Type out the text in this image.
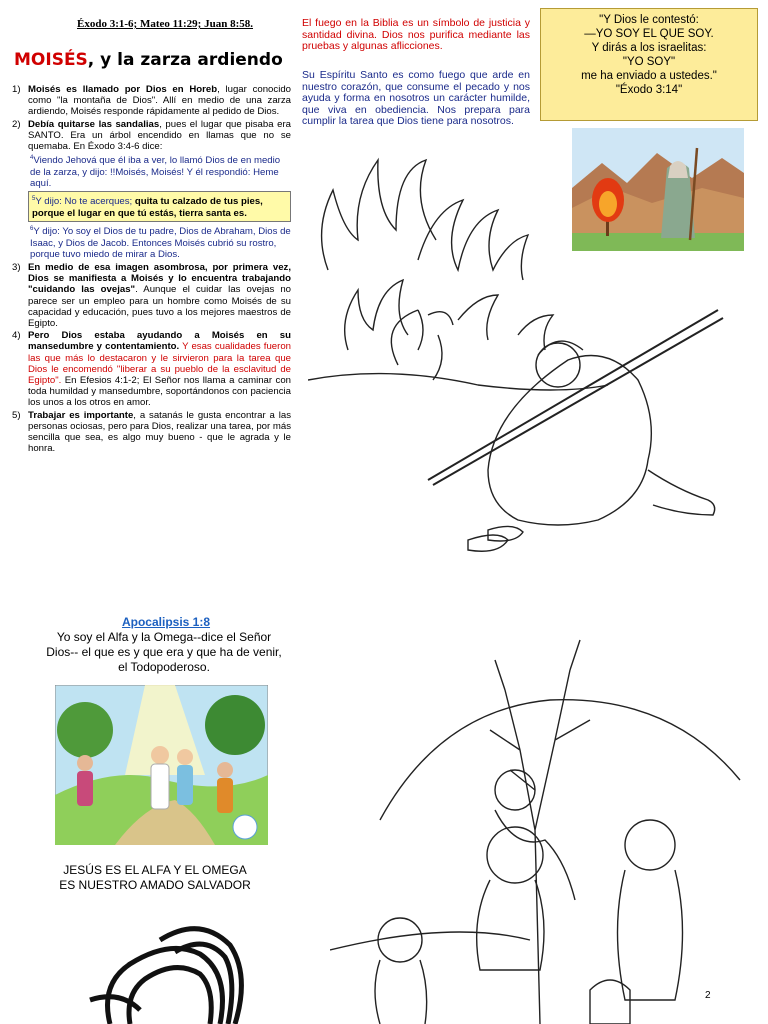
Éxodo 3:1-6; Mateo 11:29; Juan 8:58.
MOISÉS, y la zarza ardiendo
1) Moisés es llamado por Dios en Horeb, lugar conocido como "la montaña de Dios". Allí en medio de una zarza ardiendo, Moisés responde rápidamente al pedido de Dios.
2) Debía quitarse las sandalias, pues el lugar que pisaba era SANTO. Era un árbol encendido en llamas que no se quemaba. En Éxodo 3:4-6 dice:
$^4$Viendo Jehová que él iba a ver, lo llamó Dios de en medio de la zarza, y dijo: !!Moisés, Moisés! Y él respondió: Heme aquí.
$^5$Y dijo: No te acerques; quita tu calzado de tus pies, porque el lugar en que tú estás, tierra santa es.
$^6$Y dijo: Yo soy el Dios de tu padre, Dios de Abraham, Dios de Isaac, y Dios de Jacob. Entonces Moisés cubrió su rostro, porque tuvo miedo de mirar a Dios.
3) En medio de esa imagen asombrosa, por primera vez, Dios se manifiesta a Moisés y lo encuentra trabajando "cuidando las ovejas". Aunque el cuidar las ovejas no parece ser un empleo para un hombre como Moisés de su capacidad y educación, pues tuvo a los mejores maestros de Egipto.
4) Pero Dios estaba ayudando a Moisés en su mansedumbre y contentamiento. Y esas cualidades fueron las que más lo destacaron y le sirvieron para la tarea que Dios le encomendó "liberar a su pueblo de la esclavitud de Egipto". En Efesios 4:1-2; El Señor nos llama a caminar con toda humildad y mansedumbre, soportándonos con paciencia los unos a los otros en amor.
5) Trabajar es importante, a satanás le gusta encontrar a las personas ociosas, pero para Dios, realizar una tarea, por más sencilla que sea, es algo muy bueno - que le agrada y le honra.
El fuego en la Biblia es un símbolo de justicia y santidad divina. Dios nos purifica mediante las pruebas y algunas aflicciones.
Su Espíritu Santo es como fuego que arde en nuestro corazón, que consume el pecado y nos ayuda y forma en nosotros un carácter humilde, que viva en obediencia. Nos prepara para cumplir la tarea que Dios tiene para nosotros.
"Y Dios le contestó:
—YO SOY EL QUE SOY.
Y dirás a los israelitas:
"YO SOY"
me ha enviado a ustedes."
"Éxodo 3:14"
Apocalipsis 1:8
Yo soy el Alfa y la Omega--dice el Señor
Dios-- el que es y que era y que ha de venir,
el Todopoderoso.
JESÚS ES EL ALFA Y EL OMEGA
ES NUESTRO AMADO SALVADOR
2
